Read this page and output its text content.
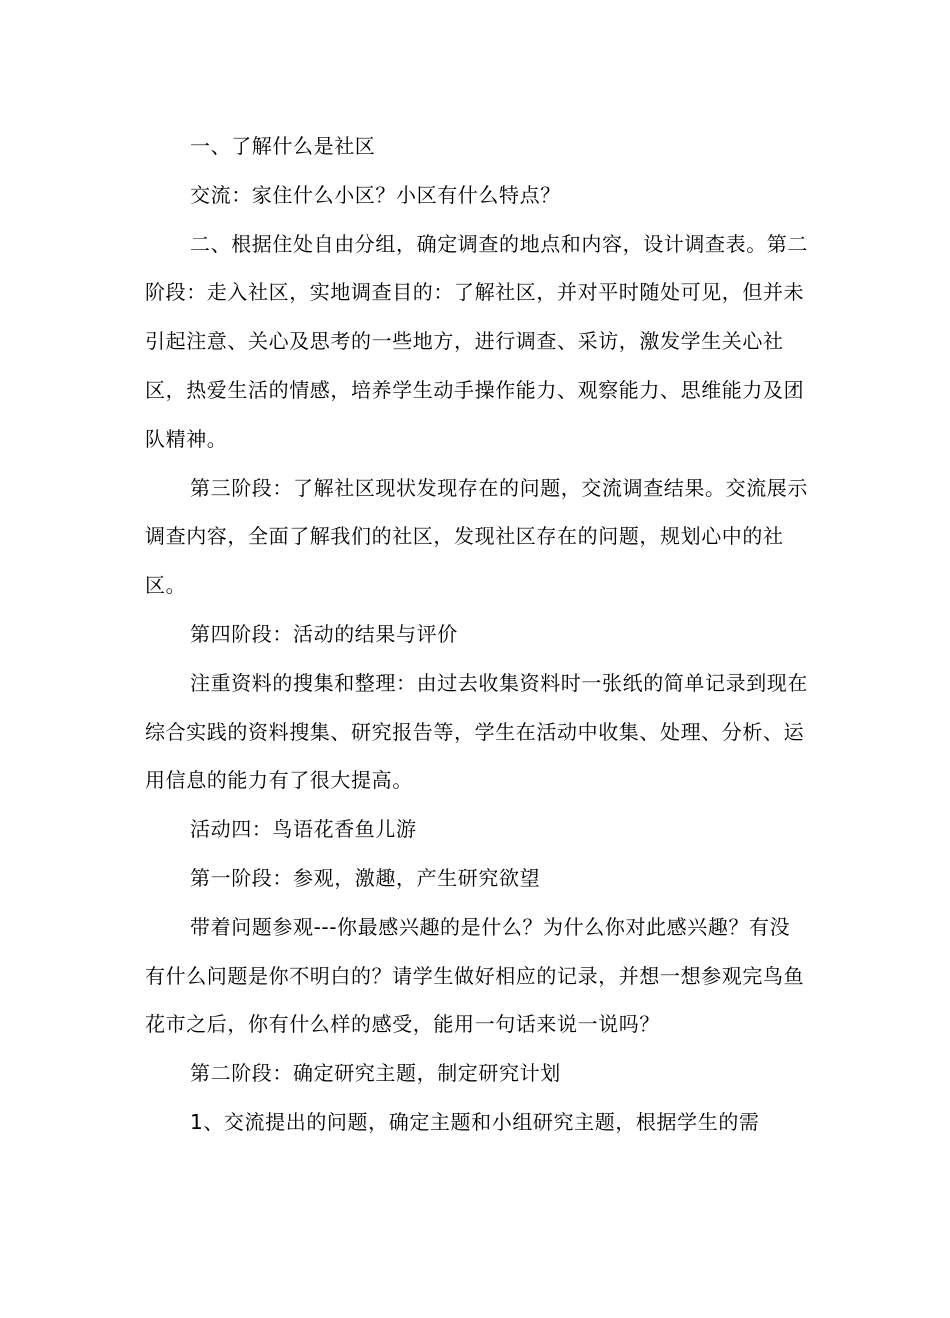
一、了解什么是社区

交流：家住什么小区？小区有什么特点？

二、根据住处自由分组，确定调查的地点和内容，设计调查表。第二阶段：走入社区，实地调查目的：了解社区，并对平时随处可见，但并未引起注意、关心及思考的一些地方，进行调查、采访，激发学生关心社区，热爱生活的情感，培养学生动手操作能力、观察能力、思维能力及团队精神。

第三阶段：了解社区现状发现存在的问题，交流调查结果。交流展示调查内容，全面了解我们的社区，发现社区存在的问题，规划心中的社区。

第四阶段：活动的结果与评价

注重资料的搜集和整理：由过去收集资料时一张纸的简单记录到现在综合实践的资料搜集、研究报告等，学生在活动中收集、处理、分析、运用信息的能力有了很大提高。

活动四：鸟语花香鱼儿游

第一阶段：参观，激趣，产生研究欲望

带着问题参观---你最感兴趣的是什么？为什么你对此感兴趣？有没有什么问题是你不明白的？请学生做好相应的记录，并想一想参观完鸟鱼花市之后，你有什么样的感受，能用一句话来说一说吗？

第二阶段：确定研究主题，制定研究计划

1、交流提出的问题，确定主题和小组研究主题，根据学生的需
